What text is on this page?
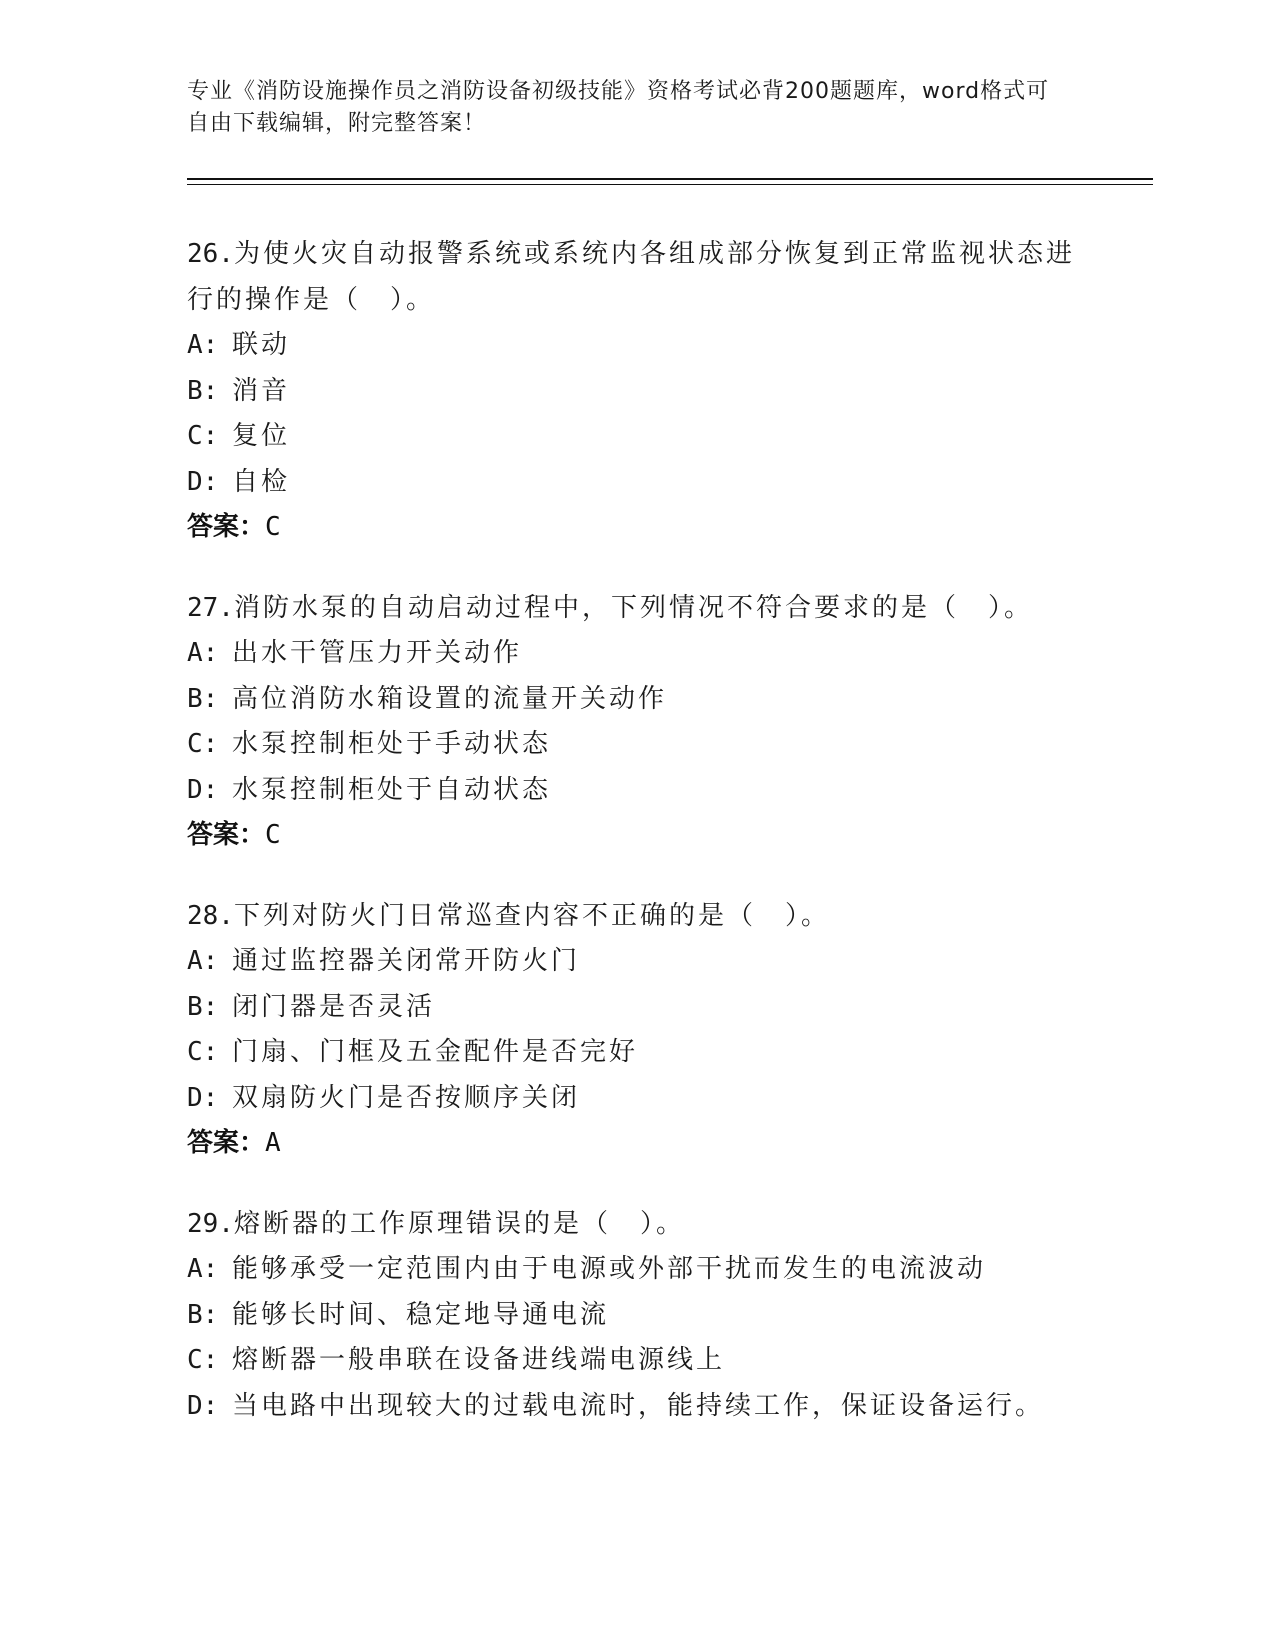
专业《消防设施操作员之消防设备初级技能》资格考试必背200题题库，word格式可自由下载编辑，附完整答案！
26.为使火灾自动报警系统或系统内各组成部分恢复到正常监视状态进行的操作是（　）。
A: 联动
B: 消音
C: 复位
D: 自检
答案：C
27.消防水泵的自动启动过程中，下列情况不符合要求的是（　）。
A: 出水干管压力开关动作
B: 高位消防水箱设置的流量开关动作
C: 水泵控制柜处于手动状态
D: 水泵控制柜处于自动状态
答案：C
28.下列对防火门日常巡查内容不正确的是（　）。
A: 通过监控器关闭常开防火门
B: 闭门器是否灵活
C: 门扇、门框及五金配件是否完好
D: 双扇防火门是否按顺序关闭
答案：A
29.熔断器的工作原理错误的是（　）。
A: 能够承受一定范围内由于电源或外部干扰而发生的电流波动
B: 能够长时间、稳定地导通电流
C: 熔断器一般串联在设备进线端电源线上
D: 当电路中出现较大的过载电流时，能持续工作，保证设备运行。
